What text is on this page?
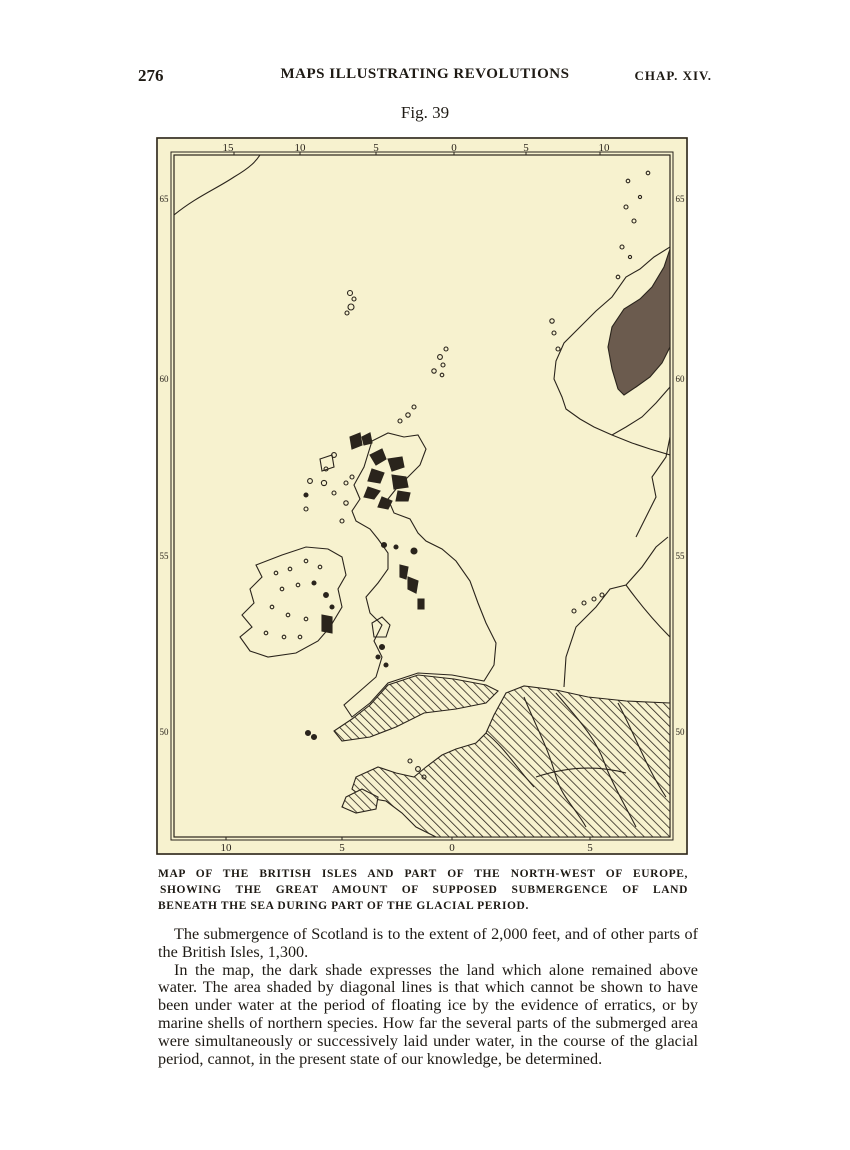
276	MAPS ILLUSTRATING REVOLUTIONS	CHAP. XIV.
Fig. 39
15	10	5	0	5	10
10	5	0	5
65
60
55
50
65
60
55
50
MAP OF THE BRITISH ISLES AND PART OF THE NORTH-WEST OF EUROPE,
SHOWING THE GREAT AMOUNT OF SUPPOSED SUBMERGENCE OF LAND
BENEATH THE SEA DURING PART OF THE GLACIAL PERIOD.

The submergence of Scotland is to the extent of 2,000 feet, and of other parts of the British Isles, 1,300.

In the map, the dark shade expresses the land which alone remained above water. The area shaded by diagonal lines is that which cannot be shown to have been under water at the period of floating ice by the evidence of erratics, or by marine shells of northern species. How far the several parts of the submerged area were simultaneously or successively laid under water, in the course of the glacial period, cannot, in the present state of our knowledge, be determined.
